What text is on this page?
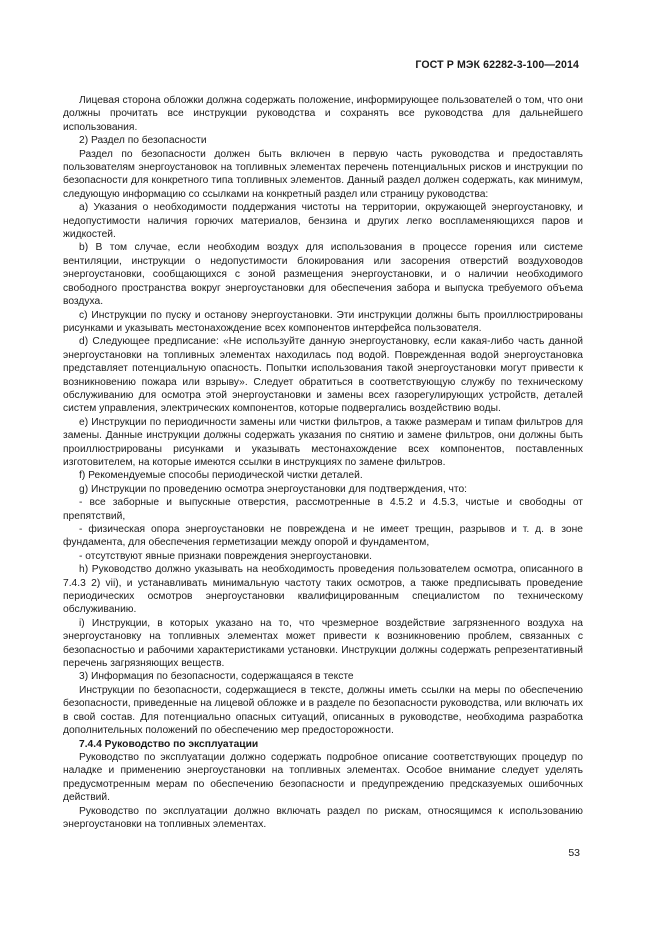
ГОСТ Р МЭК 62282-3-100—2014

Лицевая сторона обложки должна содержать положение, информирующее пользователей о том, что они должны прочитать все инструкции руководства и сохранять все руководства для дальнейшего использования.

2) Раздел по безопасности

Раздел по безопасности должен быть включен в первую часть руководства и предоставлять пользователям энергоустановок на топливных элементах перечень потенциальных рисков и инструкции по безопасности для конкретного типа топливных элементов. Данный раздел должен содержать, как минимум, следующую информацию со ссылками на конкретный раздел или страницу руководства:

a) Указания о необходимости поддержания чистоты на территории, окружающей энергоустановку, и недопустимости наличия горючих материалов, бензина и других легко воспламеняющихся паров и жидкостей.

b) В том случае, если необходим воздух для использования в процессе горения или системе вентиляции, инструкции о недопустимости блокирования или засорения отверстий воздуховодов энергоустановки, сообщающихся с зоной размещения энергоустановки, и о наличии необходимого свободного пространства вокруг энергоустановки для обеспечения забора и выпуска требуемого объема воздуха.

c) Инструкции по пуску и останову энергоустановки. Эти инструкции должны быть проиллюстрированы рисунками и указывать местонахождение всех компонентов интерфейса пользователя.

d) Следующее предписание: «Не используйте данную энергоустановку, если какая-либо часть данной энергоустановки на топливных элементах находилась под водой. Поврежденная водой энергоустановка представляет потенциальную опасность. Попытки использования такой энергоустановки могут привести к возникновению пожара или взрыву». Следует обратиться в соответствующую службу по техническому обслуживанию для осмотра этой энергоустановки и замены всех газорегулирующих устройств, деталей систем управления, электрических компонентов, которые подвергались воздействию воды.

e) Инструкции по периодичности замены или чистки фильтров, а также размерам и типам фильтров для замены. Данные инструкции должны содержать указания по снятию и замене фильтров, они должны быть проиллюстрированы рисунками и указывать местонахождение всех компонентов, поставленных изготовителем, на которые имеются ссылки в инструкциях по замене фильтров.

f) Рекомендуемые способы периодической чистки деталей.

g) Инструкции по проведению осмотра энергоустановки для подтверждения, что:

- все заборные и выпускные отверстия, рассмотренные в 4.5.2 и 4.5.3, чистые и свободны от препятствий,

- физическая опора энергоустановки не повреждена и не имеет трещин, разрывов и т. д. в зоне фундамента, для обеспечения герметизации между опорой и фундаментом,

- отсутствуют явные признаки повреждения энергоустановки.

h) Руководство должно указывать на необходимость проведения пользователем осмотра, описанного в 7.4.3 2) vii), и устанавливать минимальную частоту таких осмотров, а также предписывать проведение периодических осмотров энергоустановки квалифицированным специалистом по техническому обслуживанию.

i) Инструкции, в которых указано на то, что чрезмерное воздействие загрязненного воздуха на энергоустановку на топливных элементах может привести к возникновению проблем, связанных с безопасностью и рабочими характеристиками установки. Инструкции должны содержать репрезентативный перечень загрязняющих веществ.

3) Информация по безопасности, содержащаяся в тексте

Инструкции по безопасности, содержащиеся в тексте, должны иметь ссылки на меры по обеспечению безопасности, приведенные на лицевой обложке и в разделе по безопасности руководства, или включать их в свой состав. Для потенциально опасных ситуаций, описанных в руководстве, необходима разработка дополнительных положений по обеспечению мер предосторожности.

7.4.4 Руководство по эксплуатации

Руководство по эксплуатации должно содержать подробное описание соответствующих процедур по наладке и применению энергоустановки на топливных элементах. Особое внимание следует уделять предусмотренным мерам по обеспечению безопасности и предупреждению предсказуемых ошибочных действий.

Руководство по эксплуатации должно включать раздел по рискам, относящимся к использованию энергоустановки на топливных элементах.

53
